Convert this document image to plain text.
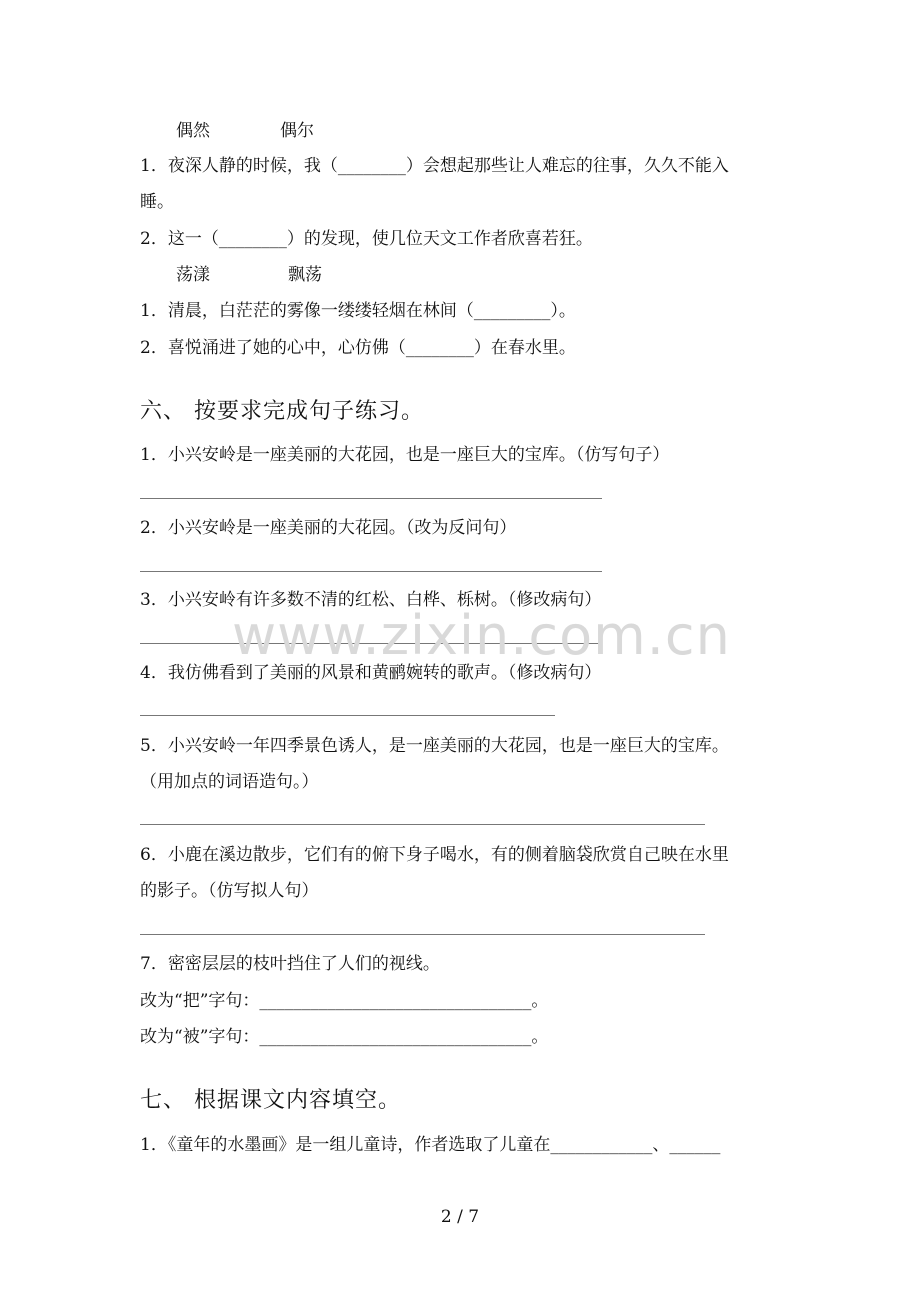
偶然	偶尔
1．夜深人静的时候，我（________）会想起那些让人难忘的往事，久久不能入
睡。
2．这一（________）的发现，使几位天文工作者欣喜若狂。
荡漾	飘荡
1．清晨，白茫茫的雾像一缕缕轻烟在林间（_________）。
2．喜悦涌进了她的心中，心仿佛（________）在春水里。
六、 按要求完成句子练习。
1．小兴安岭是一座美丽的大花园，也是一座巨大的宝库。（仿写句子）
2．小兴安岭是一座美丽的大花园。（改为反问句）
3．小兴安岭有许多数不清的红松、白桦、栎树。（修改病句）
4．我仿佛看到了美丽的风景和黄鹂婉转的歌声。（修改病句）
5．小兴安岭一年四季景色诱人，是一座美丽的大花园，也是一座巨大的宝库。
（用加点的词语造句。）
6．小鹿在溪边散步，它们有的俯下身子喝水，有的侧着脑袋欣赏自己映在水里
的影子。（仿写拟人句）
7．密密层层的枝叶挡住了人们的视线。
改为“把”字句：________________________________。
改为“被”字句：________________________________。
七、 根据课文内容填空。
1．《童年的水墨画》是一组儿童诗，作者选取了儿童在____________、______
www.zixin.com.cn
2 / 7
